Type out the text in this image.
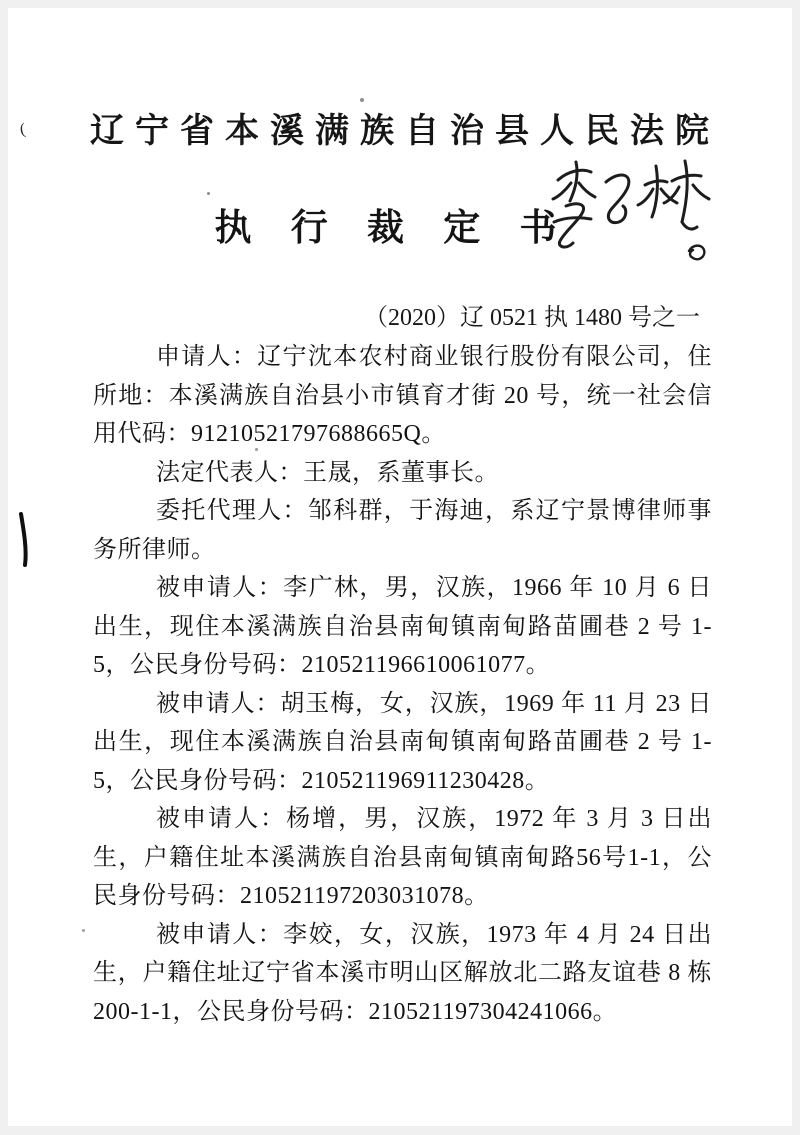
辽宁省本溪满族自治县人民法院
执 行 裁 定 书
（2020）辽 0521 执 1480 号之一

申请人：辽宁沈本农村商业银行股份有限公司，住所地：本溪满族自治县小市镇育才街 20 号，统一社会信用代码：91210521797688665Q。

法定代表人：王晟，系董事长。

委托代理人：邹科群，于海迪，系辽宁景博律师事务所律师。

被申请人：李广林，男，汉族，1966 年 10 月 6 日出生，现住本溪满族自治县南甸镇南甸路苗圃巷 2 号 1-5，公民身份号码：210521196610061077。

被申请人：胡玉梅，女，汉族，1969 年 11 月 23 日出生，现住本溪满族自治县南甸镇南甸路苗圃巷 2 号 1-5，公民身份号码：210521196911230428。

被申请人：杨增，男，汉族，1972 年 3 月 3 日出生，户籍住址本溪满族自治县南甸镇南甸路56号1-1，公民身份号码：210521197203031078。

被申请人：李姣，女，汉族，1973 年 4 月 24 日出生，户籍住址辽宁省本溪市明山区解放北二路友谊巷 8 栋 200-1-1，公民身份号码：210521197304241066。

(
